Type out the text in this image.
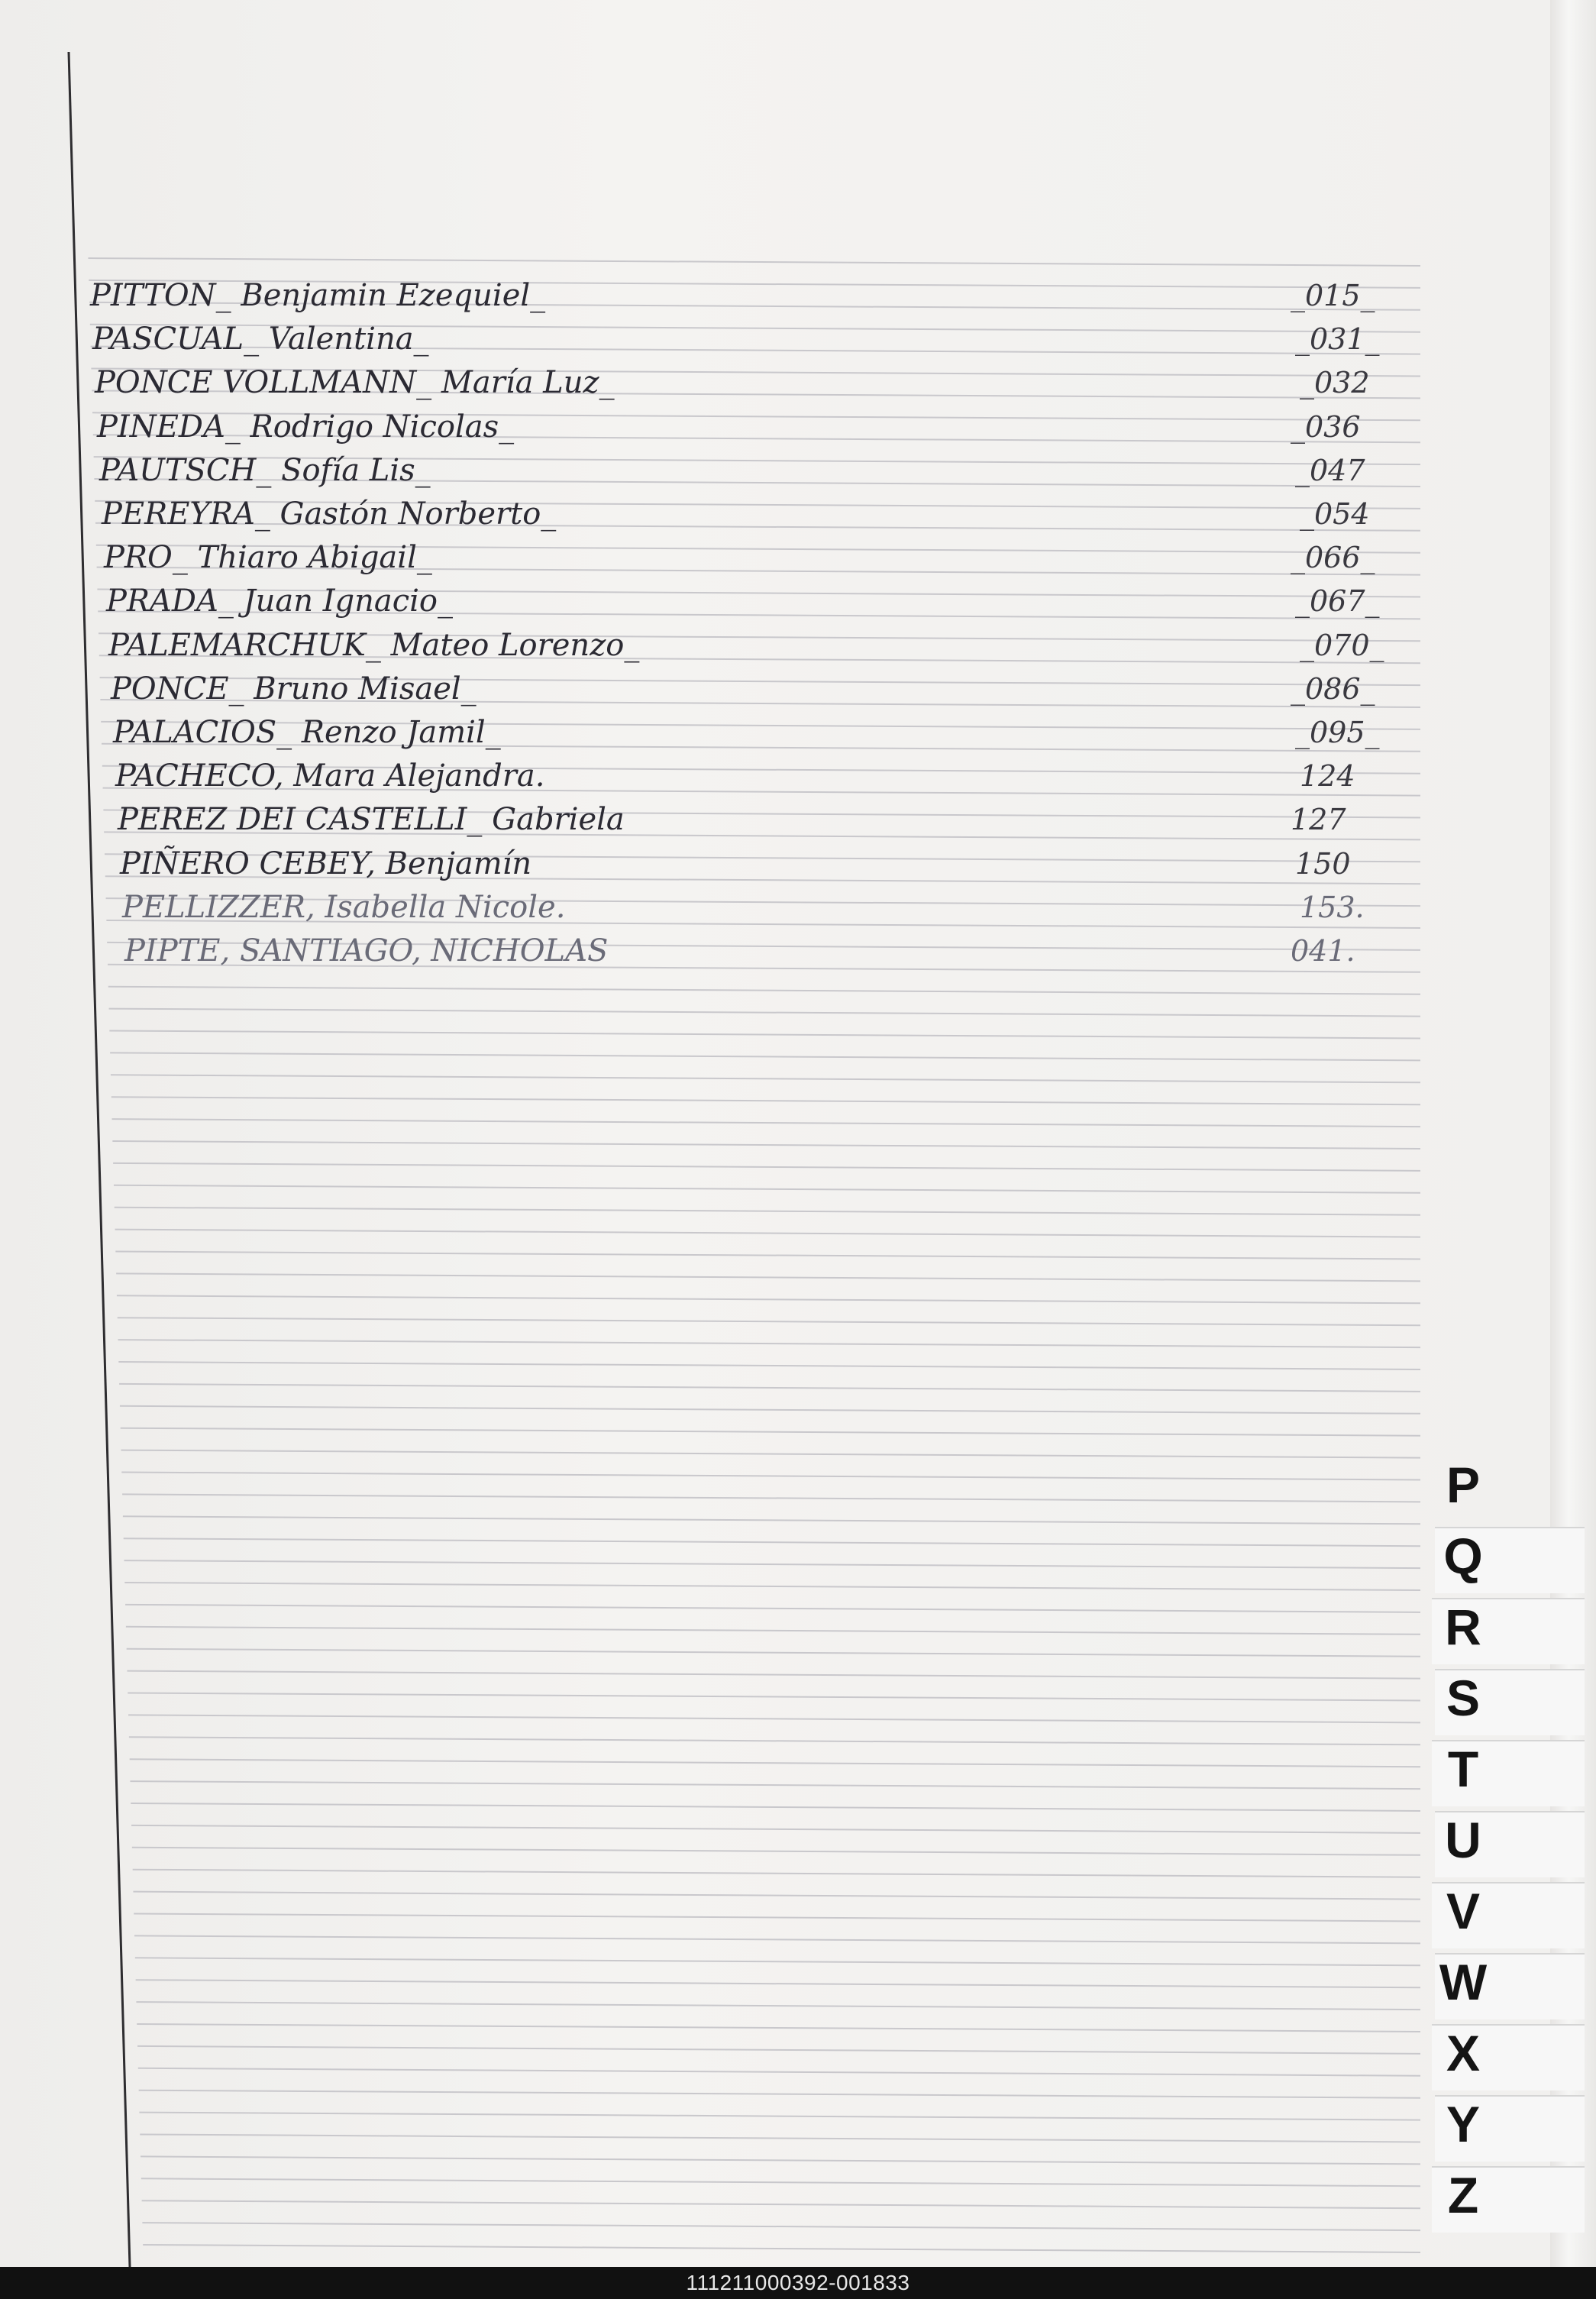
PITTON_ Benjamin Ezequiel_	_015_
PASCUAL_ Valentina_	_031_
PONCE VOLLMANN_ María Luz_	_032
PINEDA_ Rodrigo Nicolas_	_036
PAUTSCH_ Sofía Lis_	_047
PEREYRA_ Gastón Norberto_	_054
PRO_ Thiaro Abigail_	_066_
PRADA_ Juan Ignacio_	_067_
PALEMARCHUK_ Mateo Lorenzo_	_070_
PONCE_ Bruno Misael_	_086_
PALACIOS_ Renzo Jamil_	_095_
PACHECO, Mara Alejandra.	124
PEREZ DEI CASTELLI_ Gabriela	127
PIÑERO CEBEY, Benjamín	150
PELLIZZER, Isabella Nicole.	153.
PIPTE, SANTIAGO, NICHOLAS	041.
P
Q
R
S
T
U
V
W
X
Y
Z
111211000392-001833
